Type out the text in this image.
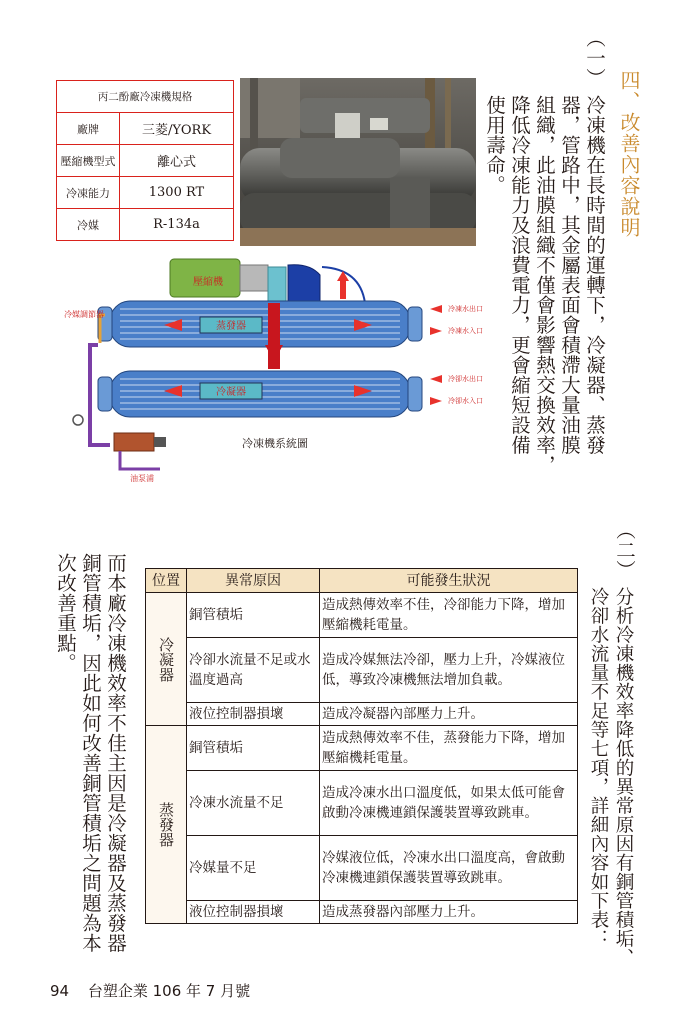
四、改善內容說明
（一）
冷凍機在長時間的運轉下，冷凝器、蒸發
器，管路中，其金屬表面會積滯大量油膜
組織，此油膜組織不僅會影響熱交換效率，
降低冷凍能力及浪費電力，更會縮短設備
使用壽命。
（二）
分析冷凍機效率降低的異常原因有銅管積垢、
冷卻水流量不足等七項，詳細內容如下表：
而本廠冷凍機效率不佳主因是冷凝器及蒸發器
銅管積垢，因此如何改善銅管積垢之問題為本
次改善重點。
丙二酚廠冷凍機規格	
廠牌	三菱/YORK
壓縮機型式	離心式
冷凍能力	1300 RT
冷媒	R-134a
壓縮機
蒸發器
冷凝器
冷凍水出口
冷凍水入口
冷卻水出口
冷卻水入口
冷媒調節器
油泵浦
冷凍機系統圖
位置	異常原因	可能發生狀況
冷凝器	銅管積垢	造成熱傳效率不佳，冷卻能力下降，增加壓縮機耗電量。
	冷卻水流量不足或水溫度過高	造成冷媒無法冷卻，壓力上升，冷媒液位低，導致冷凍機無法增加負載。
	液位控制器損壞	造成冷凝器內部壓力上升。
蒸發器	銅管積垢	造成熱傳效率不佳，蒸發能力下降，增加壓縮機耗電量。
	冷凍水流量不足	造成冷凍水出口溫度低，如果太低可能會啟動冷凍機連鎖保護裝置導致跳車。
	冷媒量不足	冷媒液位低，冷凍水出口溫度高，會啟動冷凍機連鎖保護裝置導致跳車。
	液位控制器損壞	造成蒸發器內部壓力上升。
94 台塑企業 106 年 7 月號
